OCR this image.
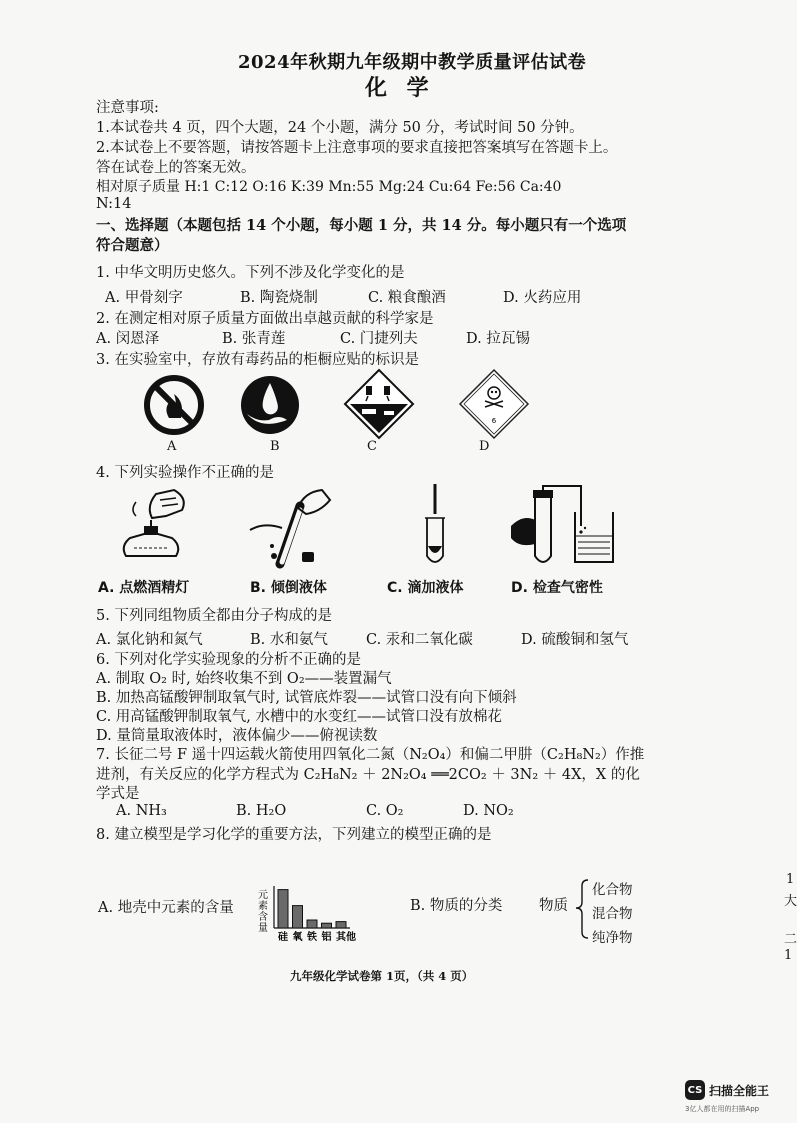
2024年秋期九年级期中教学质量评估试卷
化 学
注意事项:
1.本试卷共 4 页，四个大题，24 个小题，满分 50 分，考试时间 50 分钟。
2.本试卷上不要答题，请按答题卡上注意事项的要求直接把答案填写在答题卡上。
答在试卷上的答案无效。
相对原子质量 H:1 C:12 O:16 K:39 Mn:55 Mg:24 Cu:64 Fe:56 Ca:40
N:14
一、选择题（本题包括 14 个小题，每小题 1 分，共 14 分。每小题只有一个选项
符合题意）
1. 中华文明历史悠久。下列不涉及化学变化的是
A. 甲骨刻字	B. 陶瓷烧制	C. 粮食酿酒	D. 火药应用
2. 在测定相对原子质量方面做出卓越贡献的科学家是
A. 闵恩泽	B. 张青莲	C. 门捷列夫	D. 拉瓦锡
3. 在实验室中，存放有毒药品的柜橱应贴的标识是
6
A	B	C	D
4. 下列实验操作不正确的是
A. 点燃酒精灯	B. 倾倒液体	C. 滴加液体	D. 检查气密性
5. 下列同组物质全都由分子构成的是
A. 氯化钠和氮气	B. 水和氨气	C. 汞和二氧化碳	D. 硫酸铜和氢气
6. 下列对化学实验现象的分析不正确的是
A. 制取 O₂ 时, 始终收集不到 O₂——装置漏气
B. 加热高锰酸钾制取氧气时, 试管底炸裂——试管口没有向下倾斜
C. 用高锰酸钾制取氧气, 水槽中的水变红——试管口没有放棉花
D. 量筒量取液体时，液体偏少——俯视读数
7. 长征二号 F 遥十四运载火箭使用四氧化二氮（N₂O₄）和偏二甲肼（C₂H₈N₂）作推
进剂，有关反应的化学方程式为 C₂H₈N₂ ＋ 2N₂O₄ ══2CO₂ ＋ 3N₂ ＋ 4X，X 的化
学式是
A. NH₃	B. H₂O	C. O₂	D. NO₂
8. 建立模型是学习化学的重要方法，下列建立的模型正确的是
A. 地壳中元素的含量
元素含量
硅 氧 铁 铝 其他
B. 物质的分类	物质
化合物
混合物
纯净物
九年级化学试卷第 1页，（共 4 页）
1
大
二
1
CS 扫描全能王
3亿人都在用的扫描App
